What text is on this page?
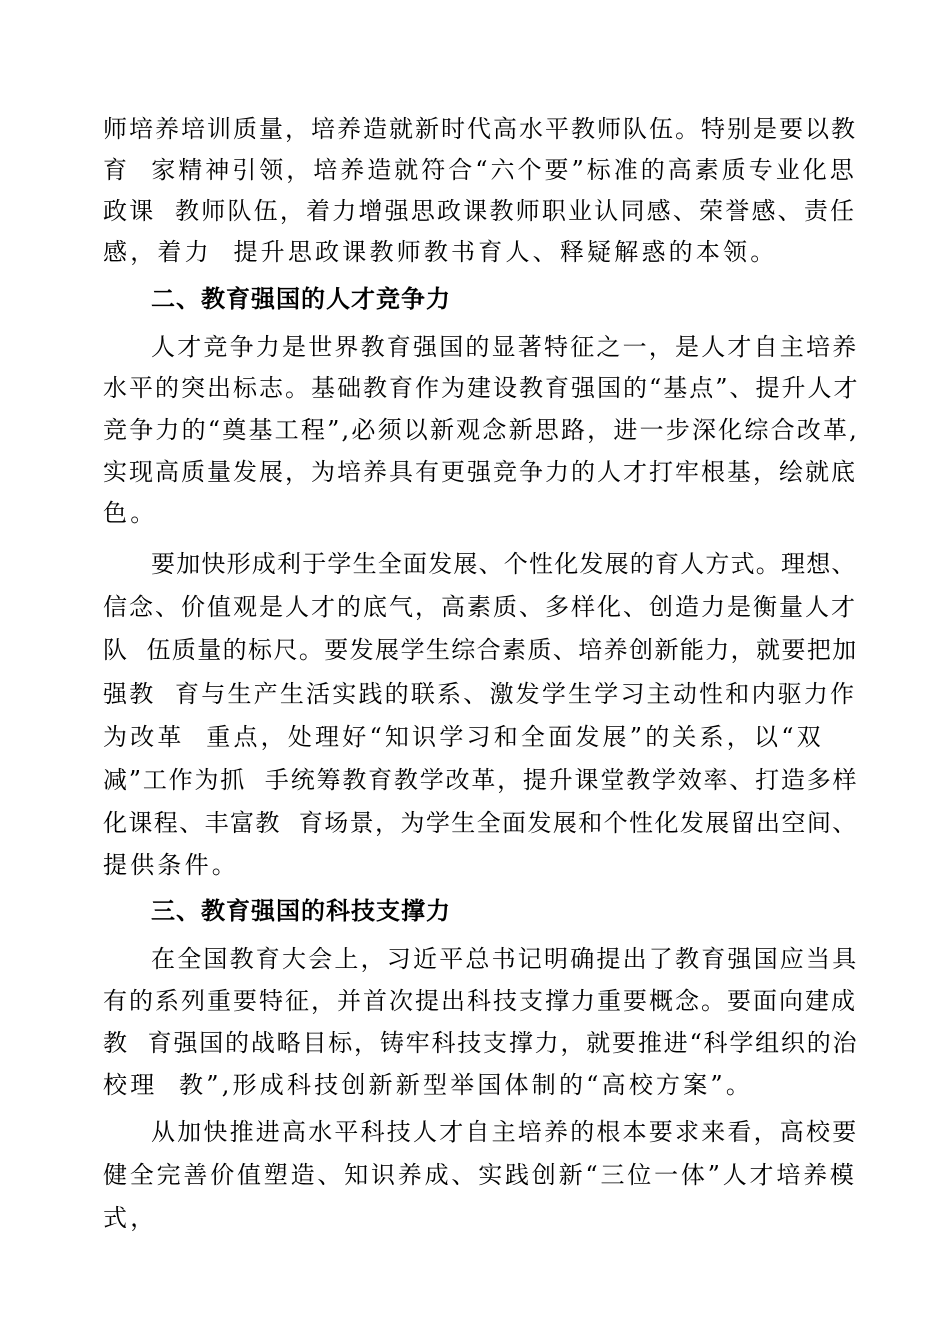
师培养培训质量，培养造就新时代高水平教师队伍。特别是要以教
育  家精神引领，培养造就符合“六个要”标准的高素质专业化思
政课  教师队伍，着力增强思政课教师职业认同感、荣誉感、责任
感，着力  提升思政课教师教书育人、释疑解惑的本领。
二、教育强国的人才竞争力
人才竞争力是世界教育强国的显著特征之一，是人才自主培养
水平的突出标志。基础教育作为建设教育强国的“基点”、提升人才
竞争力的“奠基工程”,必须以新观念新思路，进一步深化综合改革,
实现高质量发展，为培养具有更强竞争力的人才打牢根基，绘就底
色。
要加快形成利于学生全面发展、个性化发展的育人方式。理想、
信念、价值观是人才的底气，高素质、多样化、创造力是衡量人才
队  伍质量的标尺。要发展学生综合素质、培养创新能力，就要把加
强教  育与生产生活实践的联系、激发学生学习主动性和内驱力作
为改革  重点，处理好“知识学习和全面发展”的关系，以“双
减”工作为抓  手统筹教育教学改革，提升课堂教学效率、打造多样
化课程、丰富教  育场景，为学生全面发展和个性化发展留出空间、
提供条件。
三、教育强国的科技支撑力
在全国教育大会上，习近平总书记明确提出了教育强国应当具
有的系列重要特征，并首次提出科技支撑力重要概念。要面向建成
教  育强国的战略目标，铸牢科技支撑力，就要推进“科学组织的治
校理  教”,形成科技创新新型举国体制的“高校方案”。
从加快推进高水平科技人才自主培养的根本要求来看，高校要
健全完善价值塑造、知识养成、实践创新“三位一体”人才培养模
式，
